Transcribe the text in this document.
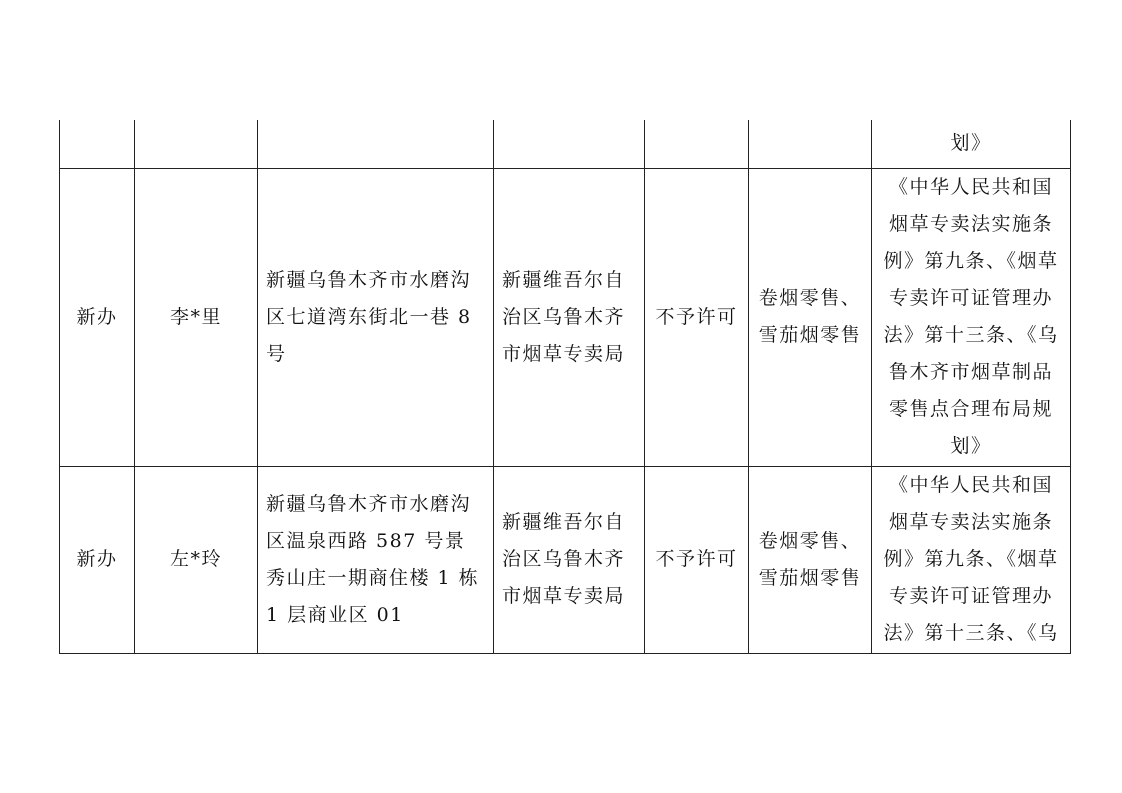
						划》
新办	李*里	新疆乌鲁木齐市水磨沟区七道湾东街北一巷 8 号	新疆维吾尔自治区乌鲁木齐市烟草专卖局	不予许可	卷烟零售、雪茄烟零售	《中华人民共和国烟草专卖法实施条例》第九条、《烟草专卖许可证管理办法》第十三条、《乌鲁木齐市烟草制品零售点合理布局规划》
新办	左*玲	新疆乌鲁木齐市水磨沟区温泉西路 587 号景秀山庄一期商住楼 1 栋 1 层商业区 01	新疆维吾尔自治区乌鲁木齐市烟草专卖局	不予许可	卷烟零售、雪茄烟零售	《中华人民共和国烟草专卖法实施条例》第九条、《烟草专卖许可证管理办法》第十三条、《乌
